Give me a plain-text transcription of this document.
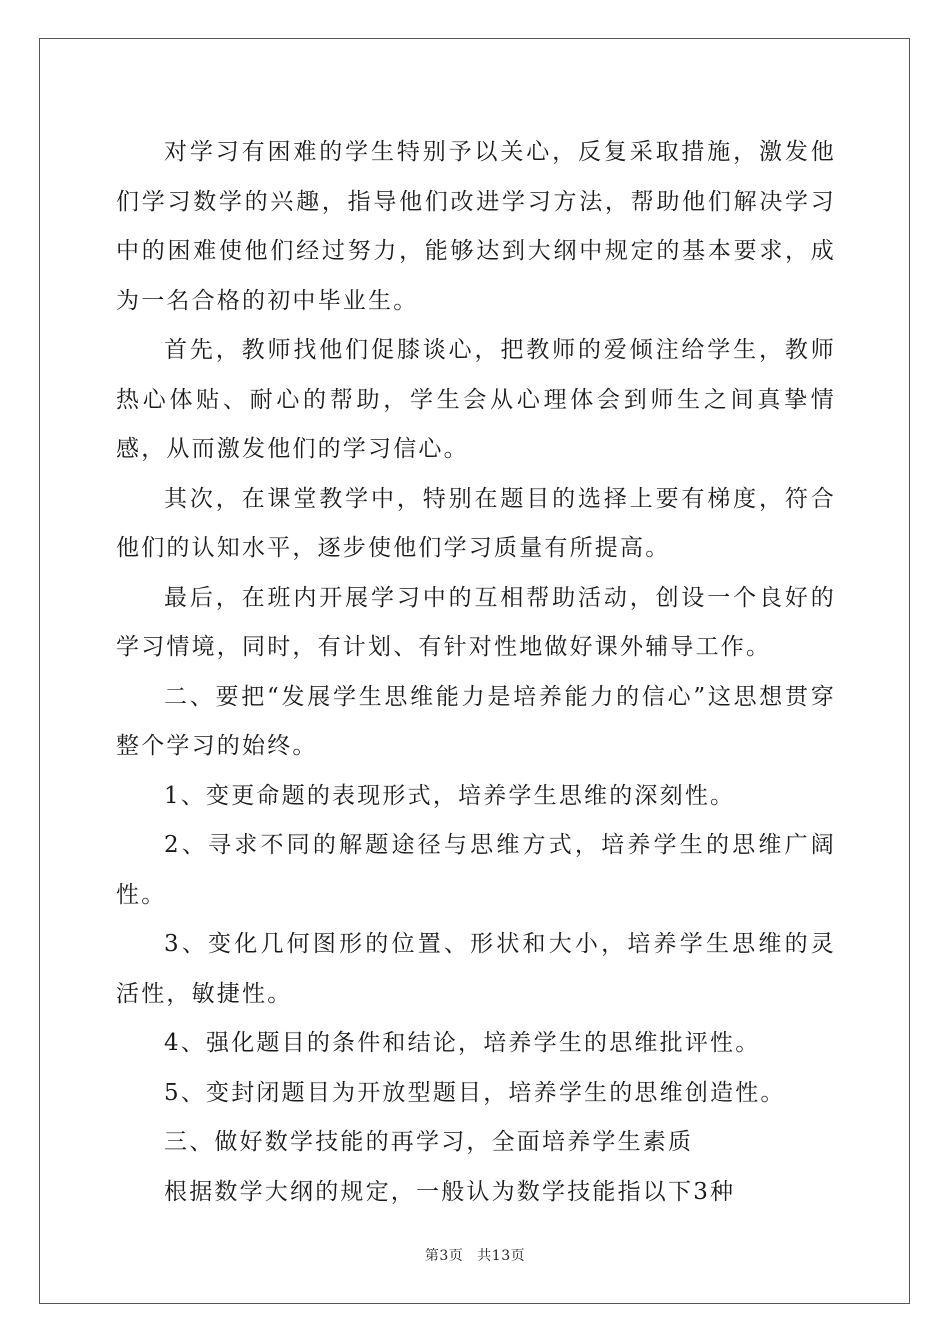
对学习有困难的学生特别予以关心，反复采取措施，激发他们学习数学的兴趣，指导他们改进学习方法，帮助他们解决学习中的困难使他们经过努力，能够达到大纲中规定的基本要求，成为一名合格的初中毕业生。

首先，教师找他们促膝谈心，把教师的爱倾注给学生，教师热心体贴、耐心的帮助，学生会从心理体会到师生之间真挚情感，从而激发他们的学习信心。

其次，在课堂教学中，特别在题目的选择上要有梯度，符合他们的认知水平，逐步使他们学习质量有所提高。

最后，在班内开展学习中的互相帮助活动，创设一个良好的学习情境，同时，有计划、有针对性地做好课外辅导工作。

二、要把“发展学生思维能力是培养能力的信心”这思想贯穿整个学习的始终。

1、变更命题的表现形式，培养学生思维的深刻性。

2、寻求不同的解题途径与思维方式，培养学生的思维广阔性。

3、变化几何图形的位置、形状和大小，培养学生思维的灵活性，敏捷性。

4、强化题目的条件和结论，培养学生的思维批评性。

5、变封闭题目为开放型题目，培养学生的思维创造性。

三、做好数学技能的再学习，全面培养学生素质

根据数学大纲的规定，一般认为数学技能指以下3种

第3页 共13页
